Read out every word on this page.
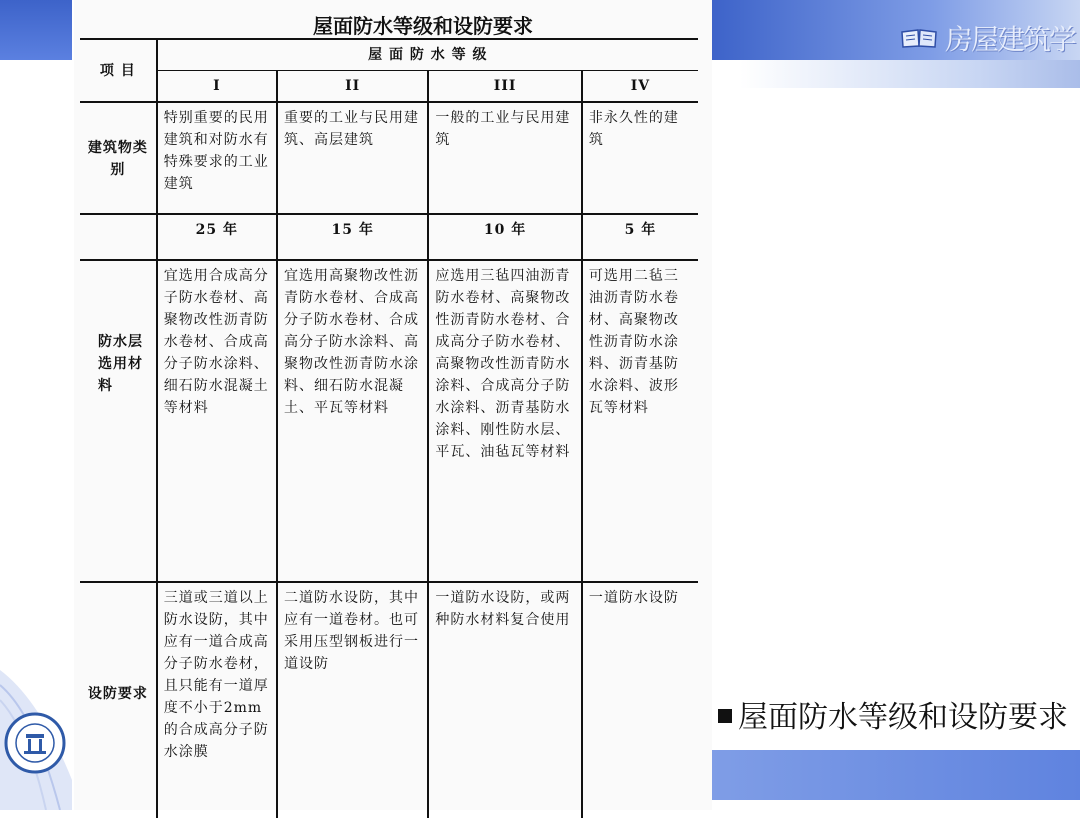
房屋建筑学
屋面防水等级和设防要求
屋面防水等级和设防要求
项 目	屋 面 防 水 等 级			
	I	II	III	IV
建筑物类别	特别重要的民用建筑和对防水有特殊要求的工业建筑	重要的工业与民用建筑、高层建筑	一般的工业与民用建筑	非永久性的建筑
	25 年	15 年	10 年	5 年
防水层选用材料	宜选用合成高分子防水卷材、高聚物改性沥青防水卷材、合成高分子防水涂料、细石防水混凝土等材料	宜选用高聚物改性沥青防水卷材、合成高分子防水卷材、合成高分子防水涂料、高聚物改性沥青防水涂料、细石防水混凝土、平瓦等材料	应选用三毡四油沥青防水卷材、高聚物改性沥青防水卷材、合成高分子防水卷材、高聚物改性沥青防水涂料、合成高分子防水涂料、沥青基防水涂料、刚性防水层、平瓦、油毡瓦等材料	可选用二毡三油沥青防水卷材、高聚物改性沥青防水涂料、沥青基防水涂料、波形瓦等材料
设防要求	三道或三道以上防水设防，其中应有一道合成高分子防水卷材，且只能有一道厚度不小于2mm的合成高分子防水涂膜	二道防水设防，其中应有一道卷材。也可采用压型钢板进行一道设防	一道防水设防，或两种防水材料复合使用	一道防水设防
